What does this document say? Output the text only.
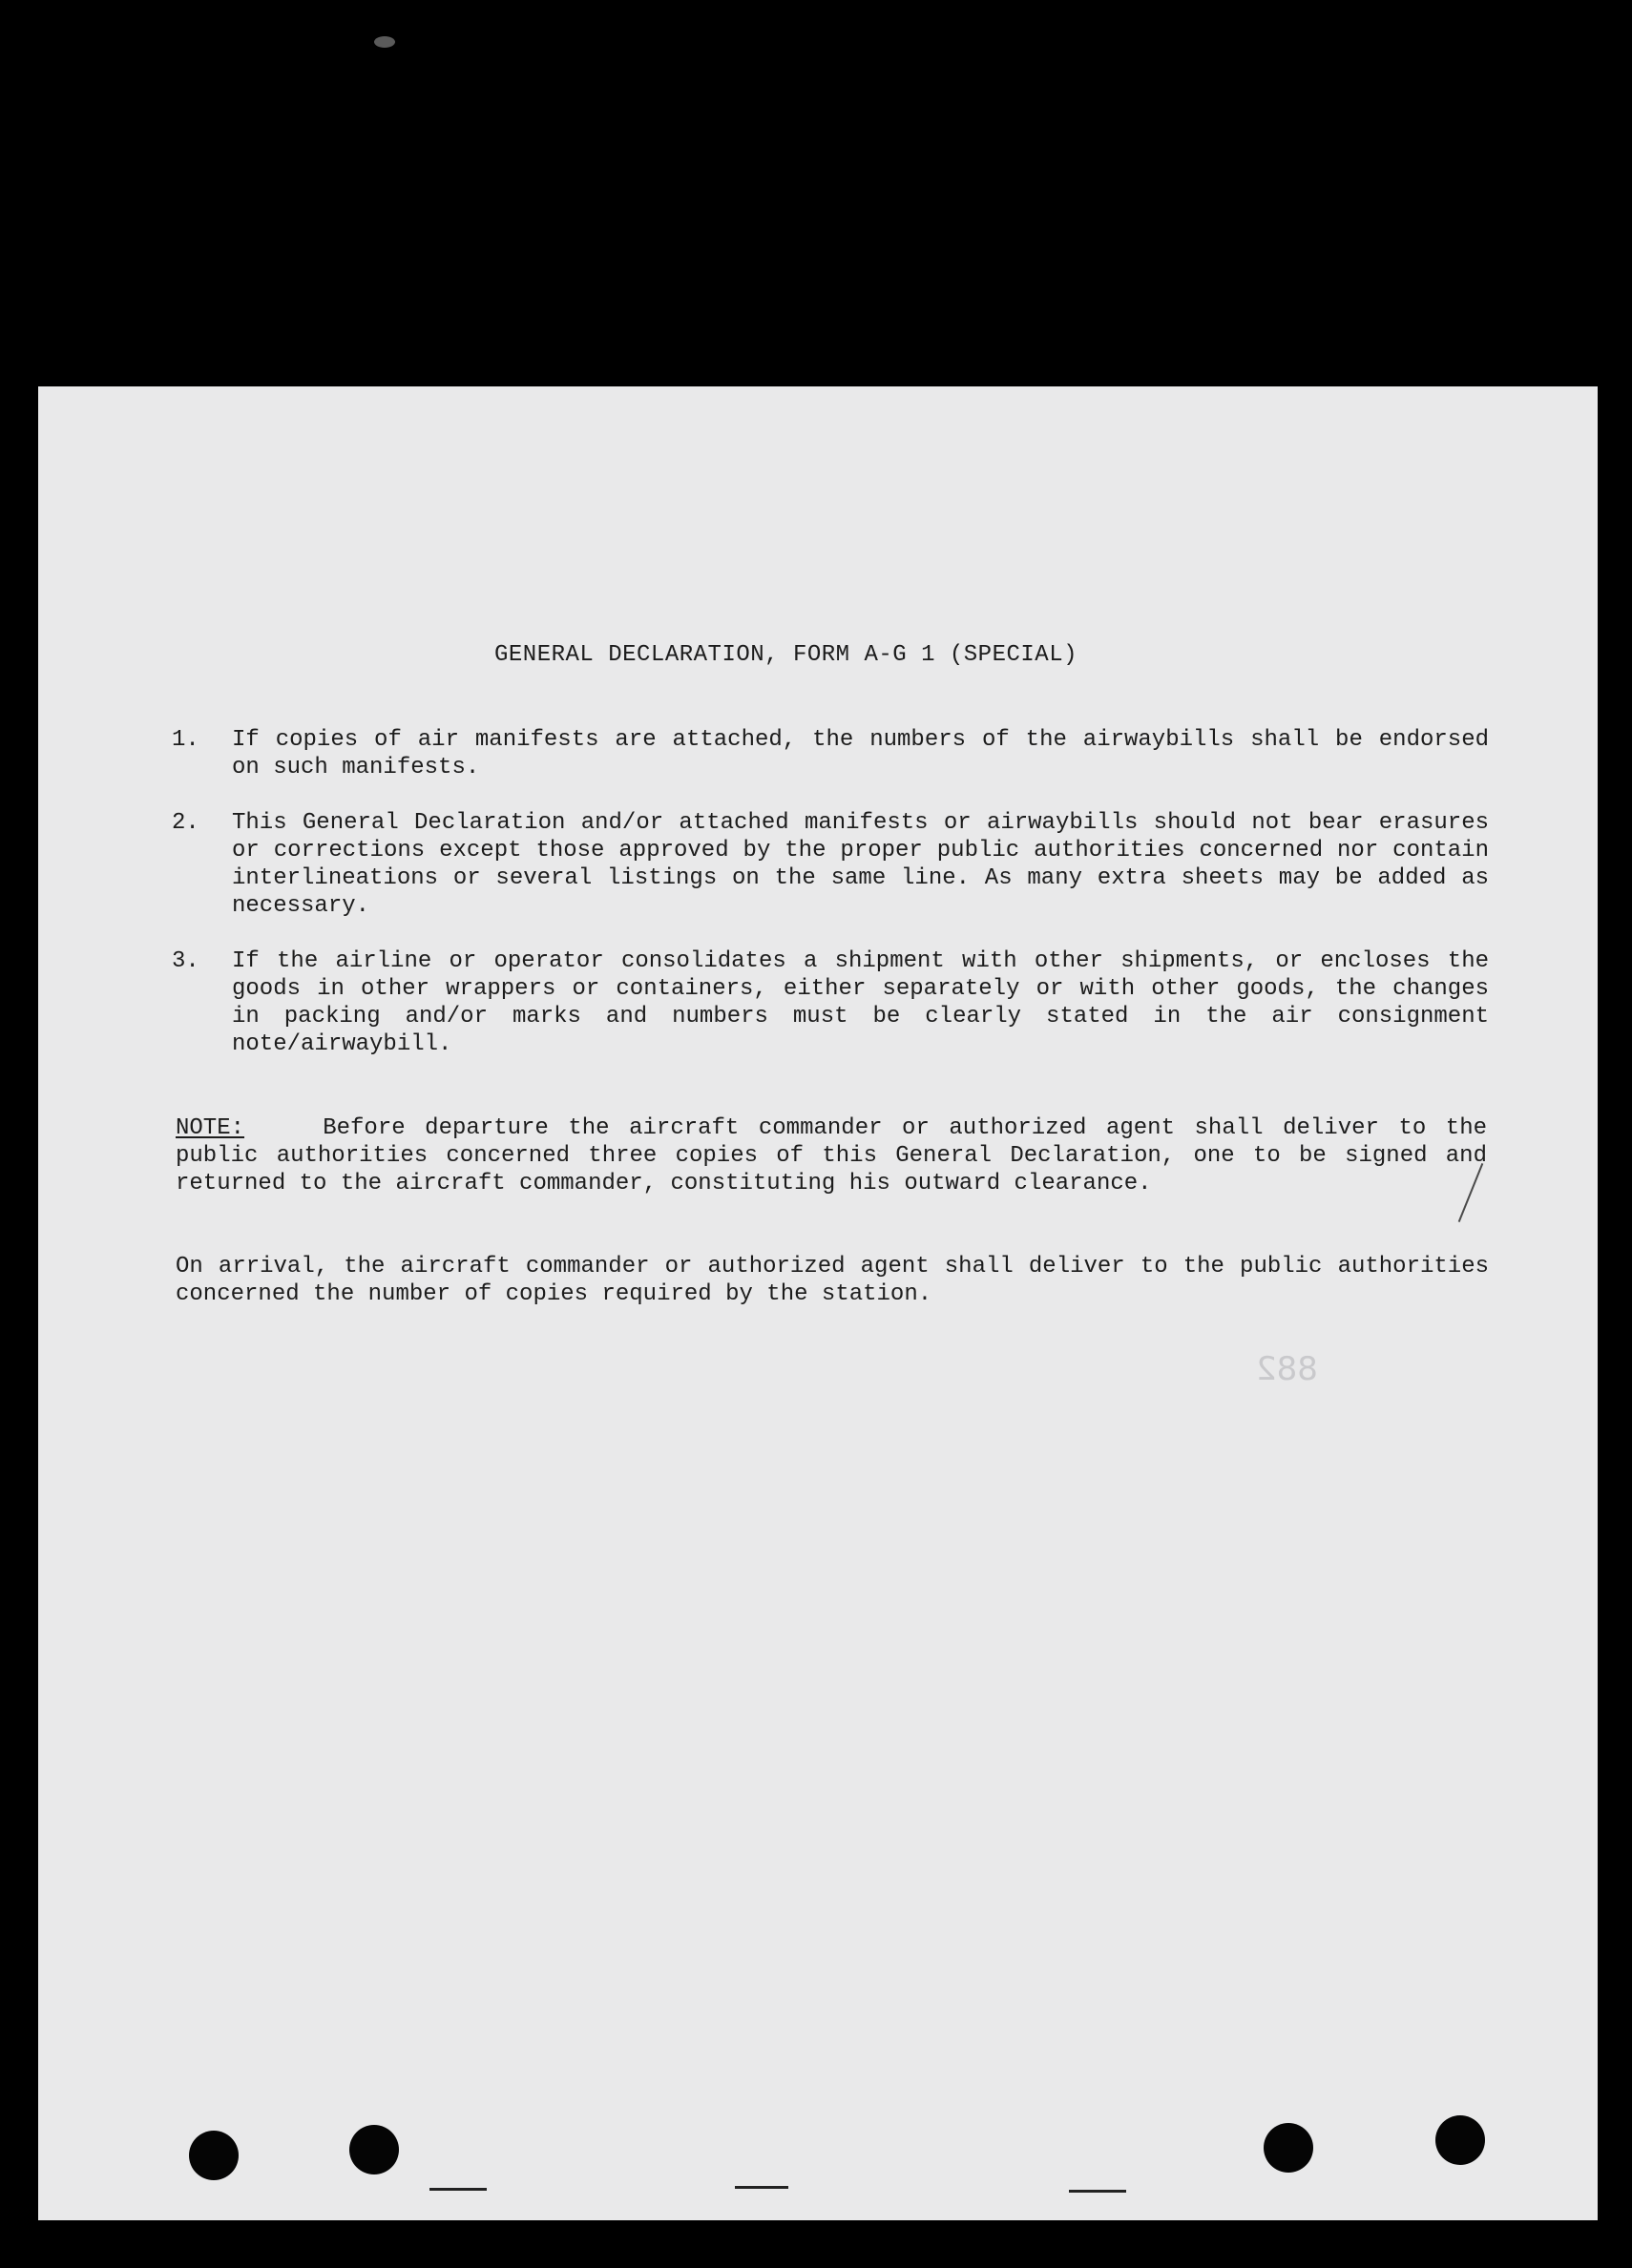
GENERAL DECLARATION, FORM A-G 1 (SPECIAL)
1. If copies of air manifests are attached, the numbers of the airwaybills shall be endorsed on such manifests.
2. This General Declaration and/or attached manifests or airwaybills should not bear erasures or corrections except those approved by the proper public authorities concerned nor contain interlineations or several listings on the same line. As many extra sheets may be added as necessary.
3. If the airline or operator consolidates a shipment with other shipments, or encloses the goods in other wrappers or containers, either separately or with other goods, the changes in packing and/or marks and numbers must be clearly stated in the air consignment note/airwaybill.
NOTE:	Before departure the aircraft commander or authorized agent shall deliver to the public authorities concerned three copies of this General Declaration, one to be signed and returned to the aircraft commander, constituting his outward clearance.
On arrival, the aircraft commander or authorized agent shall deliver to the public authorities concerned the number of copies required by the station.
882
